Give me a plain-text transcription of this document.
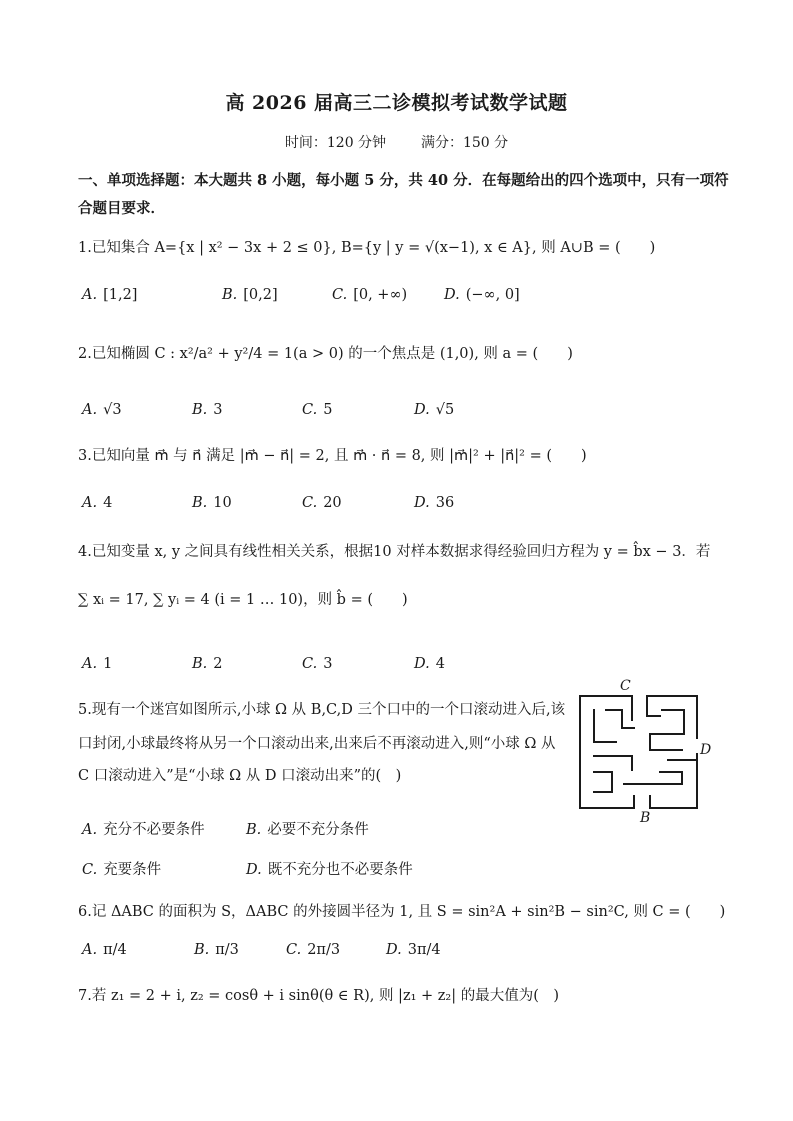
高 2026 届高三二诊模拟考试数学试题
时间：120 分钟 满分：150 分
一、单项选择题：本大题共 8 小题，每小题 5 分，共 40 分．在每题给出的四个选项中，只有一项符
合题目要求．
1.已知集合 A={x | x² − 3x + 2 ≤ 0}, B={y | y = √(x−1), x ∈ A}, 则 A∪B = (　　)
A. [1,2]	B. [0,2]	C. [0, +∞)	D. (−∞, 0]
2.已知椭圆 C : x²/a² + y²/4 = 1(a > 0) 的一个焦点是 (1,0), 则 a = (　　)
A. √3	B. 3	C. 5	D. √5
3.已知向量 m⃗ 与 n⃗ 满足 |m⃗ − n⃗| = 2, 且 m⃗ · n⃗ = 8, 则 |m⃗|² + |n⃗|² = (　　)
A. 4	B. 10	C. 20	D. 36
4.已知变量 x, y 之间具有线性相关关系，根据10 对样本数据求得经验回归方程为 y = b̂x − 3．若
∑ xᵢ = 17, ∑ yᵢ = 4 (i = 1 … 10)，则 b̂ = (　　)
A. 1	B. 2	C. 3	D. 4
5.现有一个迷宫如图所示,小球 Ω 从 B,C,D 三个口中的一个口滚动进入后,该
口封闭,小球最终将从另一个口滚动出来,出来后不再滚动进入,则“小球 Ω 从
C 口滚动进入”是“小球 Ω 从 D 口滚动出来”的(　)
C
D
B
A. 充分不必要条件	B. 必要不充分条件
C. 充要条件	D. 既不充分也不必要条件
6.记 ΔABC 的面积为 S，ΔABC 的外接圆半径为 1, 且 S = sin²A + sin²B − sin²C, 则 C = (　　)
A. π/4	B. π/3	C. 2π/3	D. 3π/4
7.若 z₁ = 2 + i, z₂ = cosθ + i sinθ(θ ∈ R), 则 |z₁ + z₂| 的最大值为(　)
